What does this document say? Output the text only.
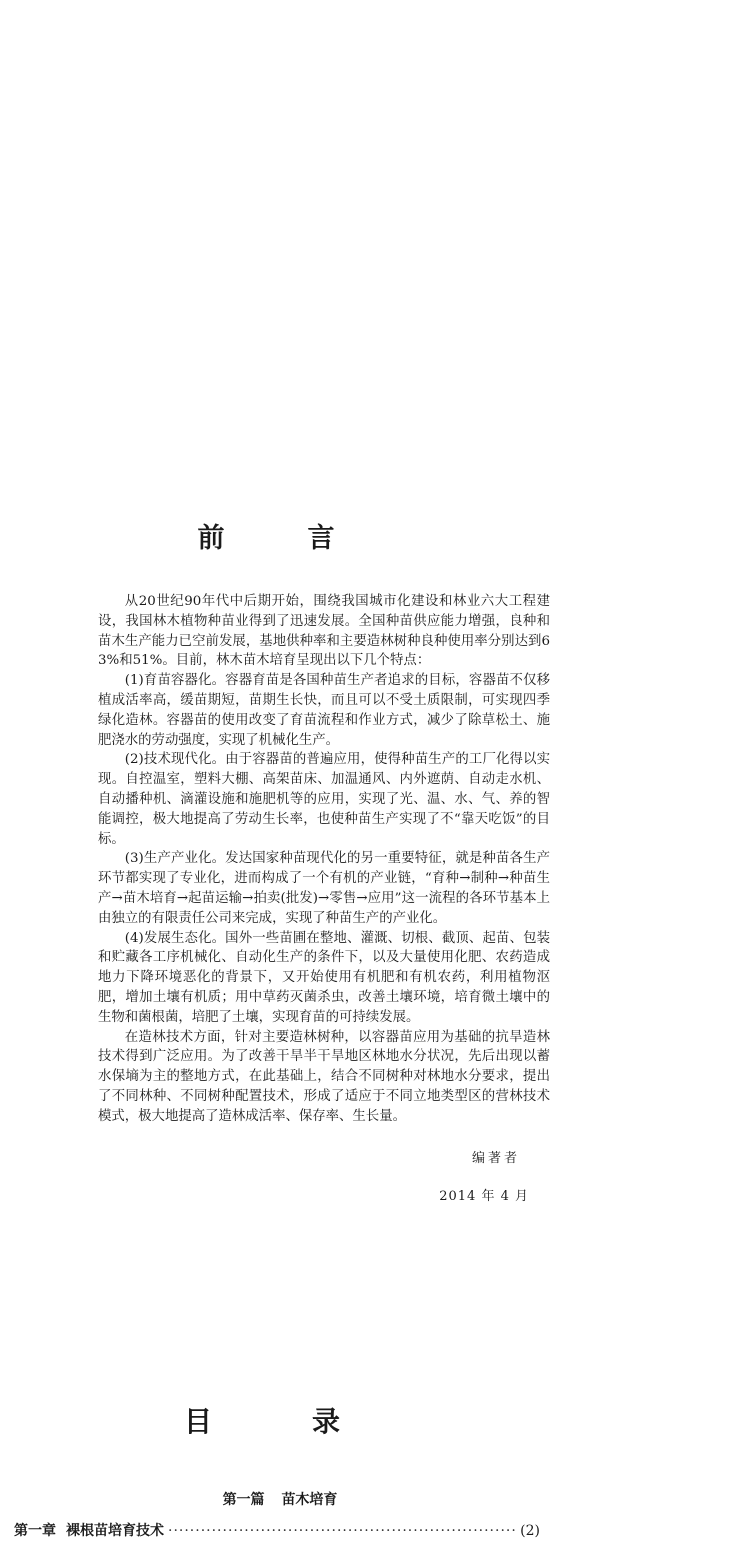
前　言

从20世纪90年代中后期开始，围绕我国城市化建设和林业六大工程建设，我国林木植物种苗业得到了迅速发展。全国种苗供应能力增强，良种和苗木生产能力已空前发展，基地供种率和主要造林树种良种使用率分别达到63%和51%。目前，林木苗木培育呈现出以下几个特点：

(1)育苗容器化。容器育苗是各国种苗生产者追求的目标，容器苗不仅移植成活率高，缓苗期短，苗期生长快，而且可以不受土质限制，可实现四季绿化造林。容器苗的使用改变了育苗流程和作业方式，减少了除草松土、施肥浇水的劳动强度，实现了机械化生产。

(2)技术现代化。由于容器苗的普遍应用，使得种苗生产的工厂化得以实现。自控温室，塑料大棚、高架苗床、加温通风、内外遮荫、自动走水机、自动播种机、滴灌设施和施肥机等的应用，实现了光、温、水、气、养的智能调控，极大地提高了劳动生长率，也使种苗生产实现了不“靠天吃饭”的目标。

(3)生产产业化。发达国家种苗现代化的另一重要特征，就是种苗各生产环节都实现了专业化，进而构成了一个有机的产业链，“育种→制种→种苗生产→苗木培育→起苗运输→拍卖(批发)→零售→应用”这一流程的各环节基本上由独立的有限责任公司来完成，实现了种苗生产的产业化。

(4)发展生态化。国外一些苗圃在整地、灌溉、切根、截顶、起苗、包装和贮藏各工序机械化、自动化生产的条件下，以及大量使用化肥、农药造成地力下降环境恶化的背景下，又开始使用有机肥和有机农药，利用植物沤肥，增加土壤有机质；用中草药灭菌杀虫，改善土壤环境，培育微土壤中的生物和菌根菌，培肥了土壤，实现育苗的可持续发展。

在造林技术方面，针对主要造林树种，以容器苗应用为基础的抗旱造林技术得到广泛应用。为了改善干旱半干旱地区林地水分状况，先后出现以蓄水保墒为主的整地方式，在此基础上，结合不同树种对林地水分要求，提出了不同林种、不同树种配置技术，形成了适应于不同立地类型区的营林技术模式，极大地提高了造林成活率、保存率、生长量。

编著者
2014 年 4 月
目　录
第一篇 苗木培育
第一章 裸根苗培育技术
·····	(2)
